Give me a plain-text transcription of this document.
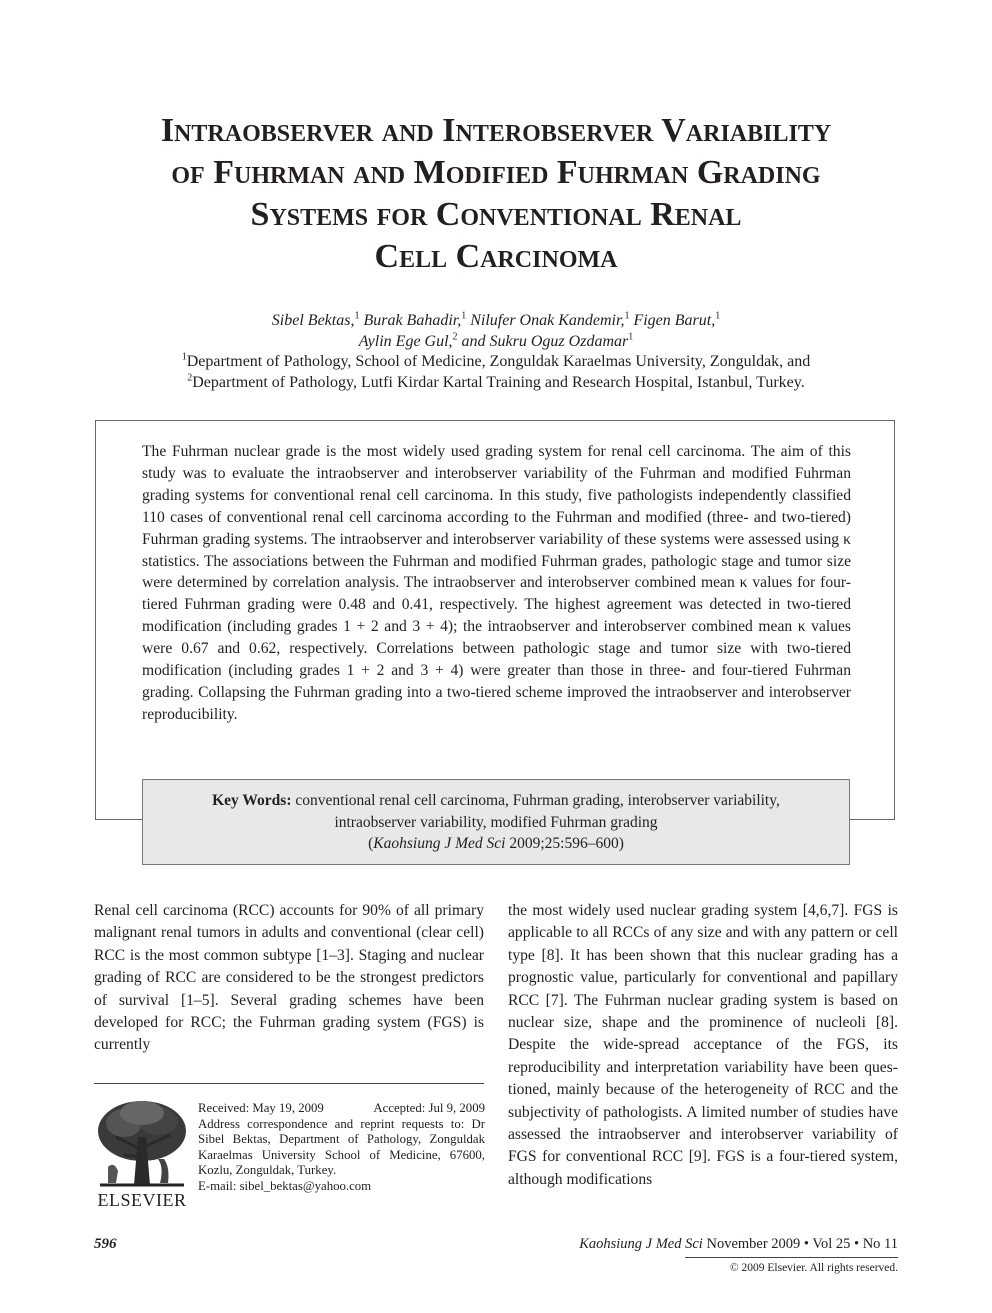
Intraobserver and Interobserver Variability
of Fuhrman and Modified Fuhrman Grading
Systems for Conventional Renal
Cell Carcinoma
Sibel Bektas,$^1$ Burak Bahadir,$^1$ Nilufer Onak Kandemir,$^1$ Figen Barut,$^1$
Aylin Ege Gul,$^2$ and Sukru Oguz Ozdamar$^1$
$^1$Department of Pathology, School of Medicine, Zonguldak Karaelmas University, Zonguldak, and
$^2$Department of Pathology, Lutfi Kirdar Kartal Training and Research Hospital, Istanbul, Turkey.
The Fuhrman nuclear grade is the most widely used grading system for renal cell carcinoma. The aim of this study was to evaluate the intraobserver and interobserver variability of the Fuhrman and modified Fuhrman grading systems for conventional renal cell carcinoma. In this study, five pathologists independently classified 110 cases of conventional renal cell carcinoma according to the Fuhrman and modified (three- and two-tiered) Fuhrman grading systems. The intraobserver and interobserver variability of these systems were assessed using κ statistics. The associations between the Fuhrman and modified Fuhrman grades, pathologic stage and tumor size were determined by correlation analysis. The intraobserver and interobserver combined mean κ values for four-tiered Fuhrman grading were 0.48 and 0.41, respectively. The highest agreement was detected in two-tiered modification (including grades 1 + 2 and 3 + 4); the intraobserver and interobserver combined mean κ values were 0.67 and 0.62, respectively. Correlations between pathologic stage and tumor size with two-tiered modification (including grades 1 + 2 and 3 + 4) were greater than those in three- and four-tiered Fuhrman grading. Collapsing the Fuhrman grading into a two-tiered scheme improved the intraobserver and interobserver reproducibility.
Key Words: conventional renal cell carcinoma, Fuhrman grading, interobserver variability,
intraobserver variability, modified Fuhrman grading
(Kaohsiung J Med Sci 2009;25:596–600)
Renal cell carcinoma (RCC) accounts for 90% of all primary malignant renal tumors in adults and conventional (clear cell) RCC is the most common subtype [1–3]. Staging and nuclear grading of RCC are considered to be the strongest predictors of survival [1–5]. Several grading schemes have been developed for RCC; the Fuhrman grading system (FGS) is currently
the most widely used nuclear grading system [4,6,7]. FGS is applicable to all RCCs of any size and with any pattern or cell type [8]. It has been shown that this nuclear grading has a prognostic value, particularly for conventional and papillary RCC [7]. The Fuhrman nuclear grading system is based on nuclear size, shape and the prominence of nucleoli [8]. Despite the wide-spread acceptance of the FGS, its reproducibility and interpretation variability have been questioned, mainly because of the heterogeneity of RCC and the subjectivity of pathologists. A limited number of studies have assessed the intraobserver and interobserver variability of FGS for conventional RCC [9]. FGS is a four-tiered system, although modifications
ELSEVIER
Received: May 19, 2009	Accepted: Jul 9, 2009
Address correspondence and reprint requests to: Dr Sibel Bektas, Department of Pathology, Zonguldak Karaelmas University School of Medicine, 67600, Kozlu, Zonguldak, Turkey.
E-mail: sibel_bektas@yahoo.com
596	Kaohsiung J Med Sci November 2009 • Vol 25 • No 11
© 2009 Elsevier. All rights reserved.
